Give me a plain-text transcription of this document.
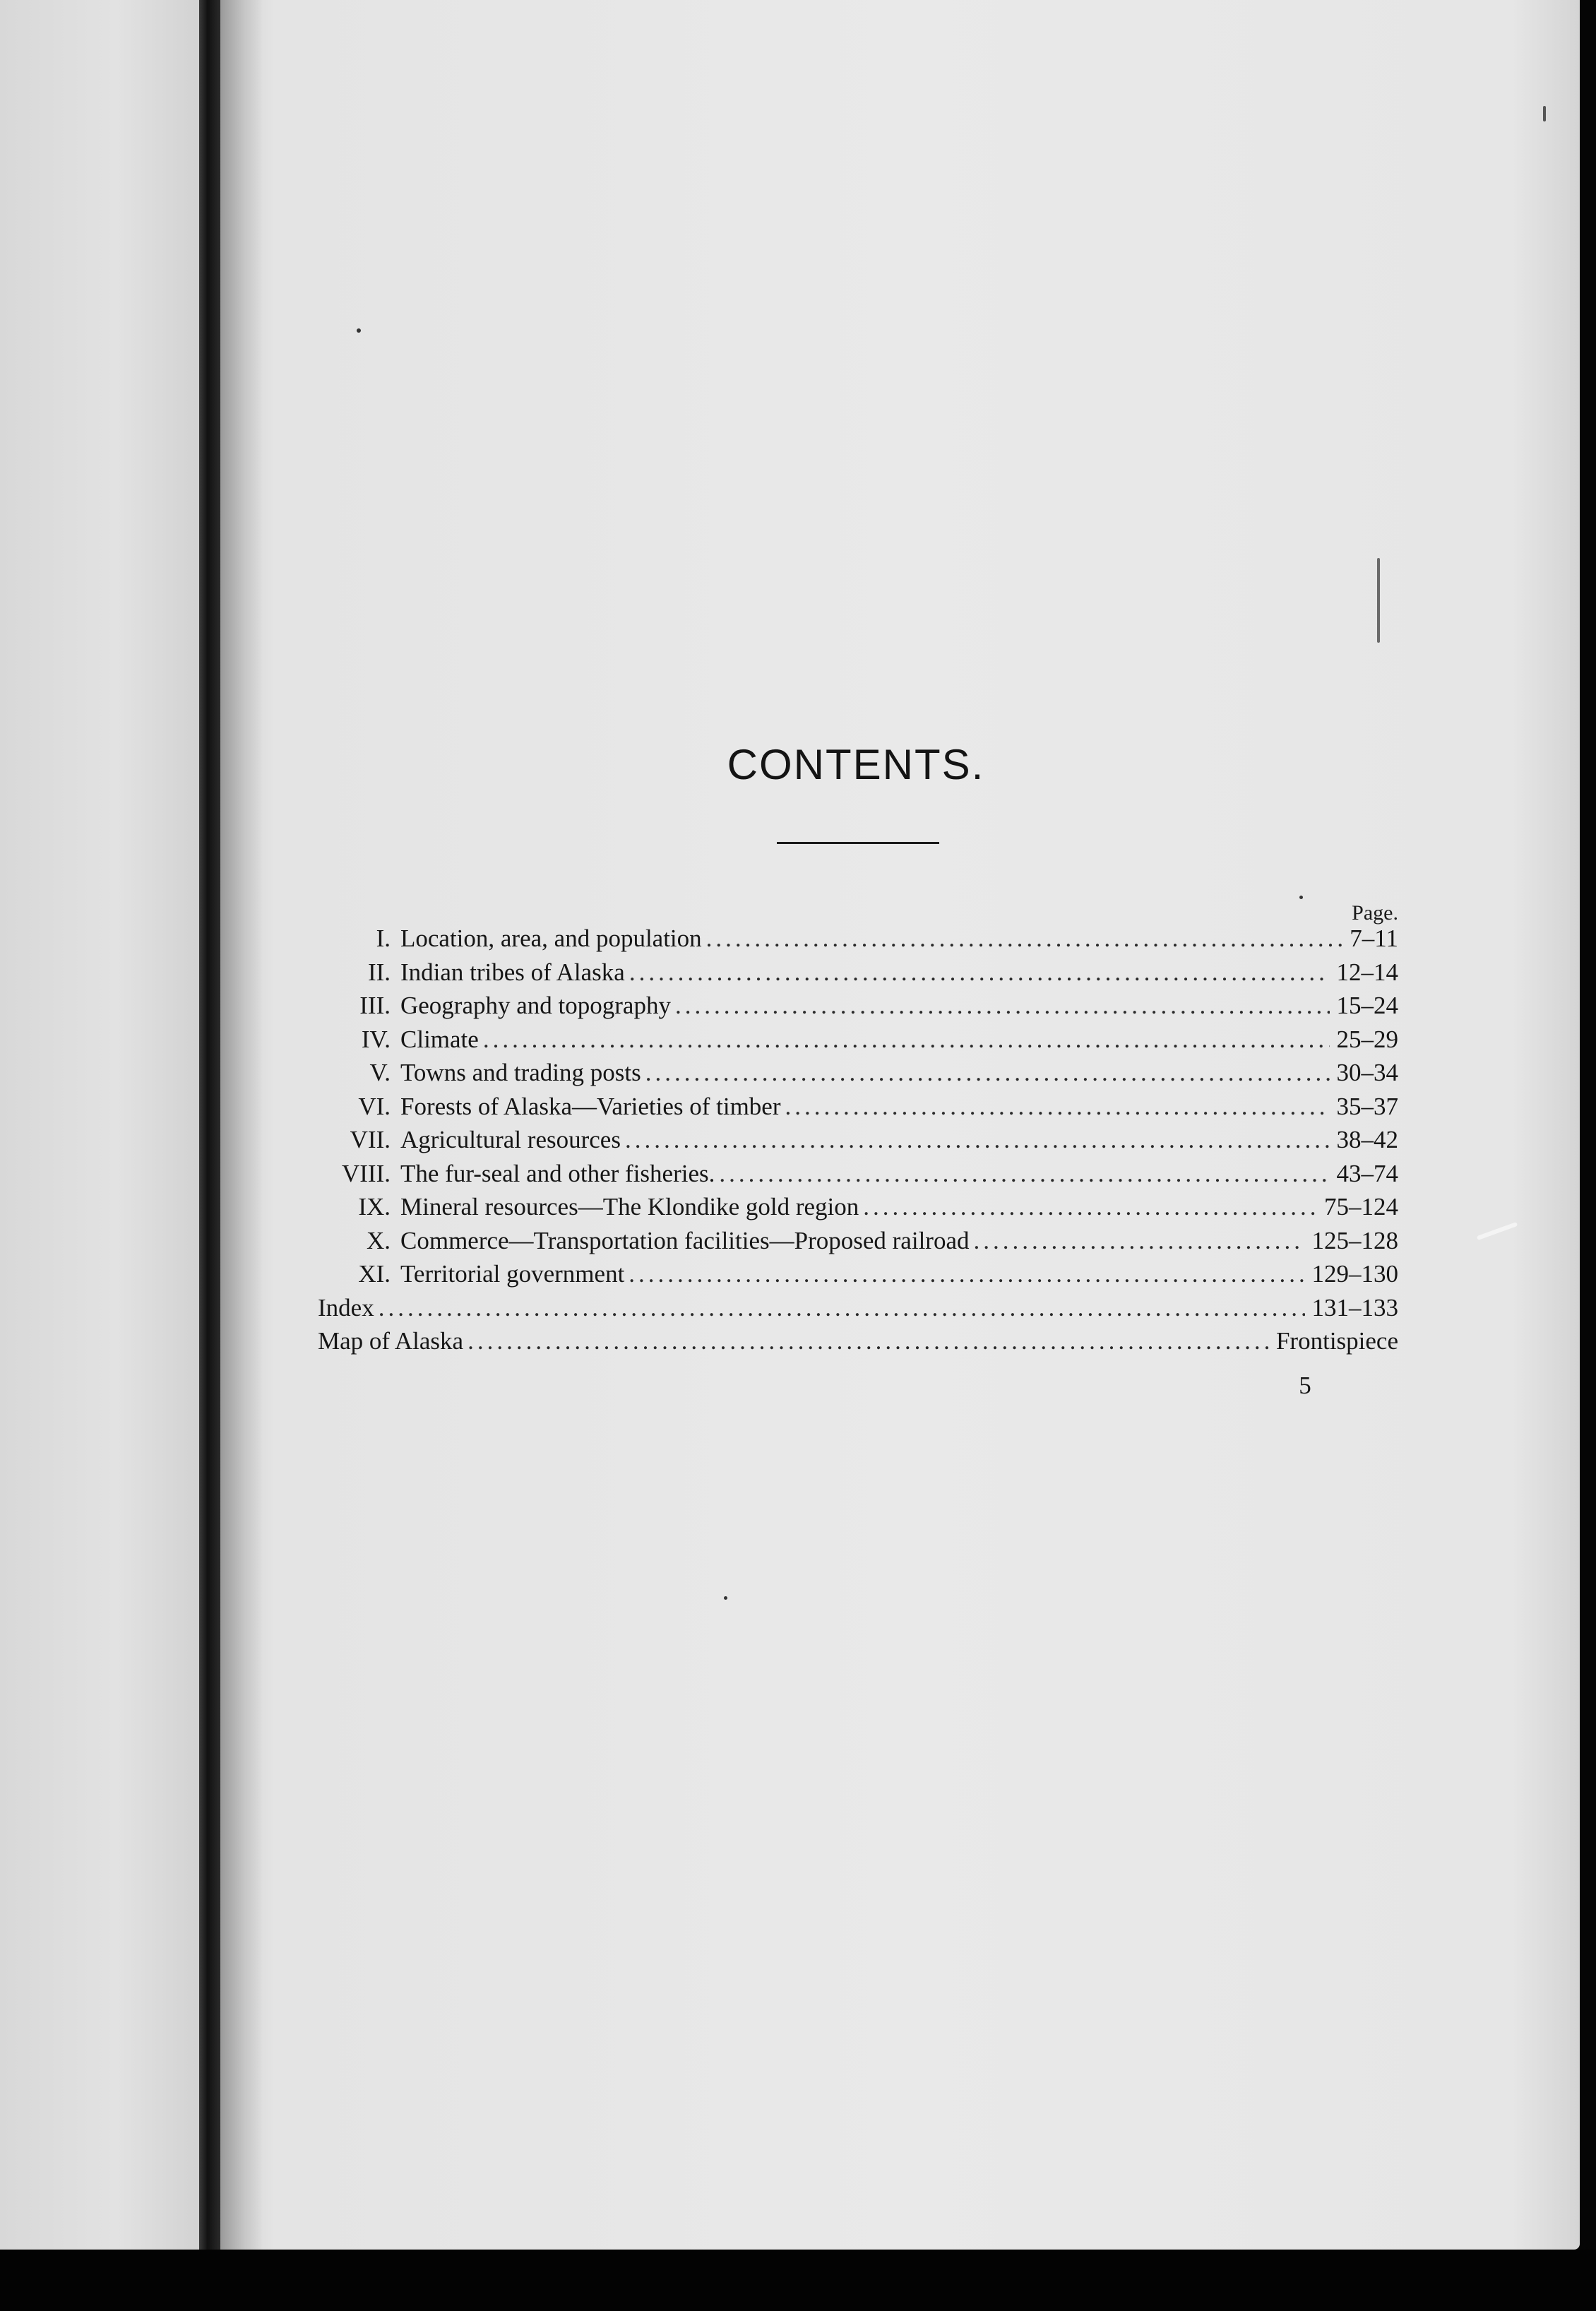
CONTENTS.
Page.
I. Location, area, and population .....	7–11
II. Indian tribes of Alaska .....	12–14
III. Geography and topography .....	15–24
IV. Climate .....	25–29
V. Towns and trading posts .....	30–34
VI. Forests of Alaska—Varieties of timber .....	35–37
VII. Agricultural resources .....	38–42
VIII. The fur-seal and other fisheries. .....	43–74
IX. Mineral resources—The Klondike gold region .....	75–124
X. Commerce—Transportation facilities—Proposed railroad .....	125–128
XI. Territorial government .....	129–130
Index .....	131–133
Map of Alaska .....	Frontispiece
5
